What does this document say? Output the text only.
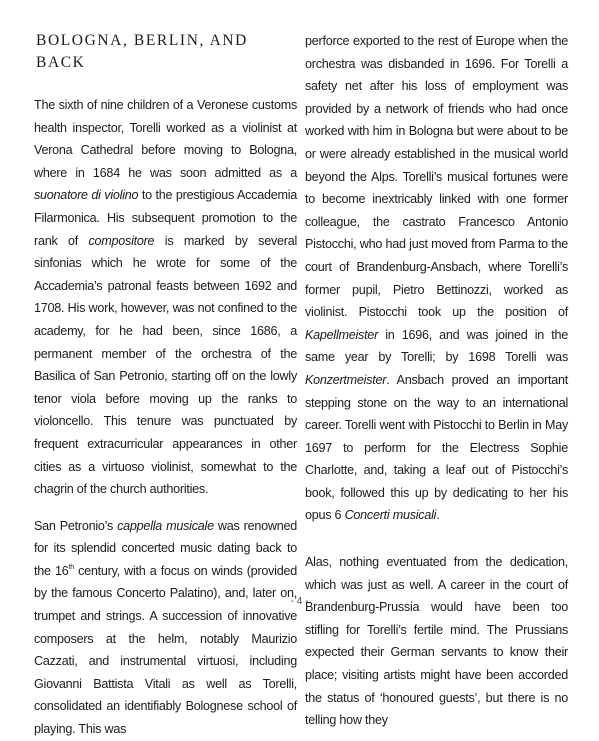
BOLOGNA, BERLIN, AND BACK

The sixth of nine children of a Veronese customs health inspector, Torelli worked as a violinist at Verona Cathedral before moving to Bologna, where in 1684 he was soon admitted as a suonatore di violino to the prestigious Accademia Filarmonica. His subsequent promotion to the rank of compositore is marked by several sinfonias which he wrote for some of the Accademia’s patronal feasts between 1692 and 1708. His work, however, was not confined to the academy, for he had been, since 1686, a permanent member of the orchestra of the Basilica of San Petronio, starting off on the lowly tenor viola before moving up the ranks to violoncello. This tenure was punctuated by frequent extracurricular appearances in other cities as a virtuoso violinist, somewhat to the chagrin of the church authorities.

San Petronio’s cappella musicale was renowned for its splendid concerted music dating back to the 16th century, with a focus on winds (provided by the famous Concerto Palatino), and, later on, trumpet and strings. A succession of innovative composers at the helm, notably Maurizio Cazzati, and instrumental virtuosi, including Giovanni Battista Vitali as well as Torelli, consolidated an identifiably Bolognese school of playing. This was

perforce exported to the rest of Europe when the orchestra was disbanded in 1696. For Torelli a safety net after his loss of employment was provided by a network of friends who had once worked with him in Bologna but were about to be or were already established in the musical world beyond the Alps. Torelli’s musical fortunes were to become inextricably linked with one former colleague, the castrato Francesco Antonio Pistocchi, who had just moved from Parma to the court of Brandenburg-Ansbach, where Torelli’s former pupil, Pietro Bettinozzi, worked as violinist. Pistocchi took up the position of Kapellmeister in 1696, and was joined in the same year by Torelli; by 1698 Torelli was Konzertmeister. Ansbach proved an important stepping stone on the way to an international career. Torelli went with Pistocchi to Berlin in May 1697 to perform for the Electress Sophie Charlotte, and, taking a leaf out of Pistocchi’s book, followed this up by dedicating to her his opus 6 Concerti musicali.

Alas, nothing eventuated from the dedication, which was just as well. A career in the court of Brandenburg-Prussia would have been too stifling for Torelli’s fertile mind. The Prussians expected their German servants to know their place; visiting artists might have been accorded the status of ‘honoured guests’, but there is no telling how they

- 4 -
